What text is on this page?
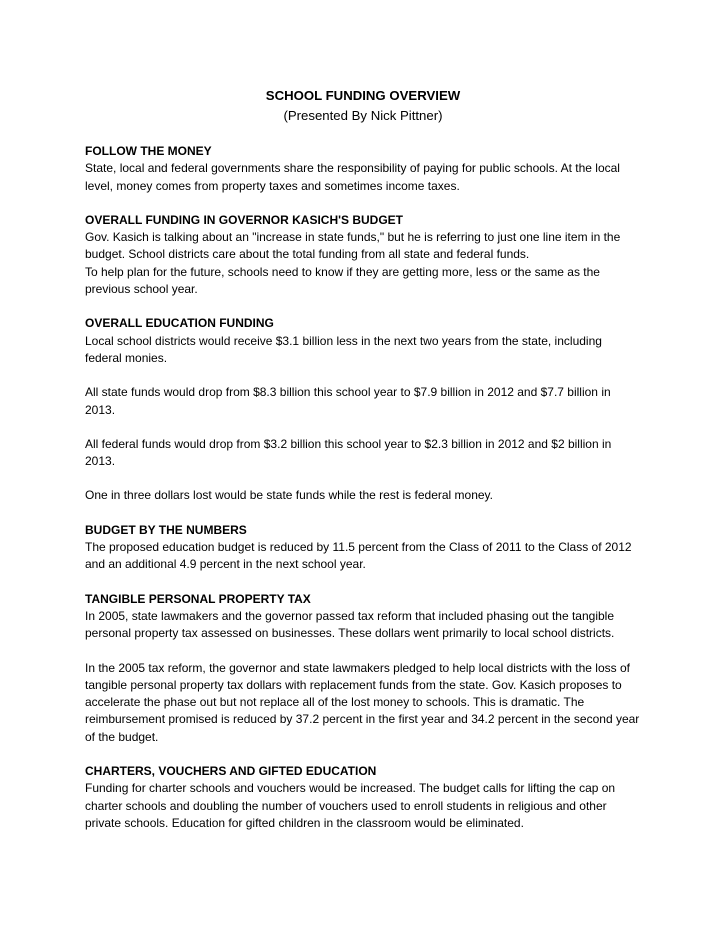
SCHOOL FUNDING OVERVIEW

(Presented By Nick Pittner)

FOLLOW THE MONEY

State, local and federal governments share the responsibility of paying for public schools. At the local level, money comes from property taxes and sometimes income taxes.

OVERALL FUNDING IN GOVERNOR KASICH'S BUDGET

Gov. Kasich is talking about an "increase in state funds," but he is referring to just one line item in the budget. School districts care about the total funding from all state and federal funds.

To help plan for the future, schools need to know if they are getting more, less or the same as the previous school year.

OVERALL EDUCATION FUNDING

Local school districts would receive $3.1 billion less in the next two years from the state, including federal monies.

All state funds would drop from $8.3 billion this school year to $7.9 billion in 2012 and $7.7 billion in 2013.

All federal funds would drop from $3.2 billion this school year to $2.3 billion in 2012 and $2 billion in 2013.

One in three dollars lost would be state funds while the rest is federal money.

BUDGET BY THE NUMBERS

The proposed education budget is reduced by 11.5 percent from the Class of 2011 to the Class of 2012 and an additional 4.9 percent in the next school year.

TANGIBLE PERSONAL PROPERTY TAX

In 2005, state lawmakers and the governor passed tax reform that included phasing out the tangible personal property tax assessed on businesses. These dollars went primarily to local school districts.

In the 2005 tax reform, the governor and state lawmakers pledged to help local districts with the loss of tangible personal property tax dollars with replacement funds from the state. Gov. Kasich proposes to accelerate the phase out but not replace all of the lost money to schools. This is dramatic. The reimbursement promised is reduced by 37.2 percent in the first year and 34.2 percent in the second year of the budget.

CHARTERS, VOUCHERS AND GIFTED EDUCATION

Funding for charter schools and vouchers would be increased. The budget calls for lifting the cap on charter schools and doubling the number of vouchers used to enroll students in religious and other private schools. Education for gifted children in the classroom would be eliminated.
